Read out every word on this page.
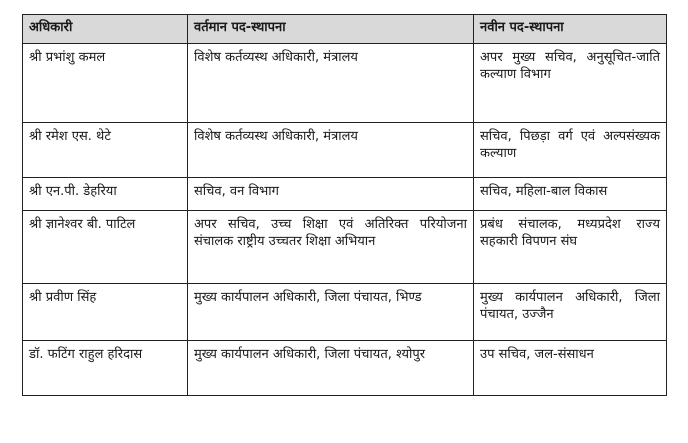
अधिकारी	वर्तमान पद-स्थापना	नवीन पद-स्थापना
श्री प्रभांशु कमल	विशेष कर्तव्यस्थ अधिकारी, मंत्रालय	अपर मुख्य सचिव, अनुसूचित-जाति कल्याण विभाग
श्री रमेश एस. थेटे	विशेष कर्तव्यस्थ अधिकारी, मंत्रालय	सचिव, पिछड़ा वर्ग एवं अल्पसंख्यक कल्याण
श्री एन.पी. डेहरिया	सचिव, वन विभाग	सचिव, महिला-बाल विकास
श्री ज्ञानेश्वर बी. पाटिल	अपर सचिव, उच्च शिक्षा एवं अतिरिक्त परियोजना संचालक राष्ट्रीय उच्चतर शिक्षा अभियान	प्रबंध संचालक, मध्यप्रदेश राज्य सहकारी विपणन संघ
श्री प्रवीण सिंह	मुख्य कार्यपालन अधिकारी, जिला पंचायत, भिण्ड	मुख्य कार्यपालन अधिकारी, जिला पंचायत, उज्जैन
डॉ. फटिंग राहुल हरिदास	मुख्य कार्यपालन अधिकारी, जिला पंचायत, श्योपुर	उप सचिव, जल-संसाधन
